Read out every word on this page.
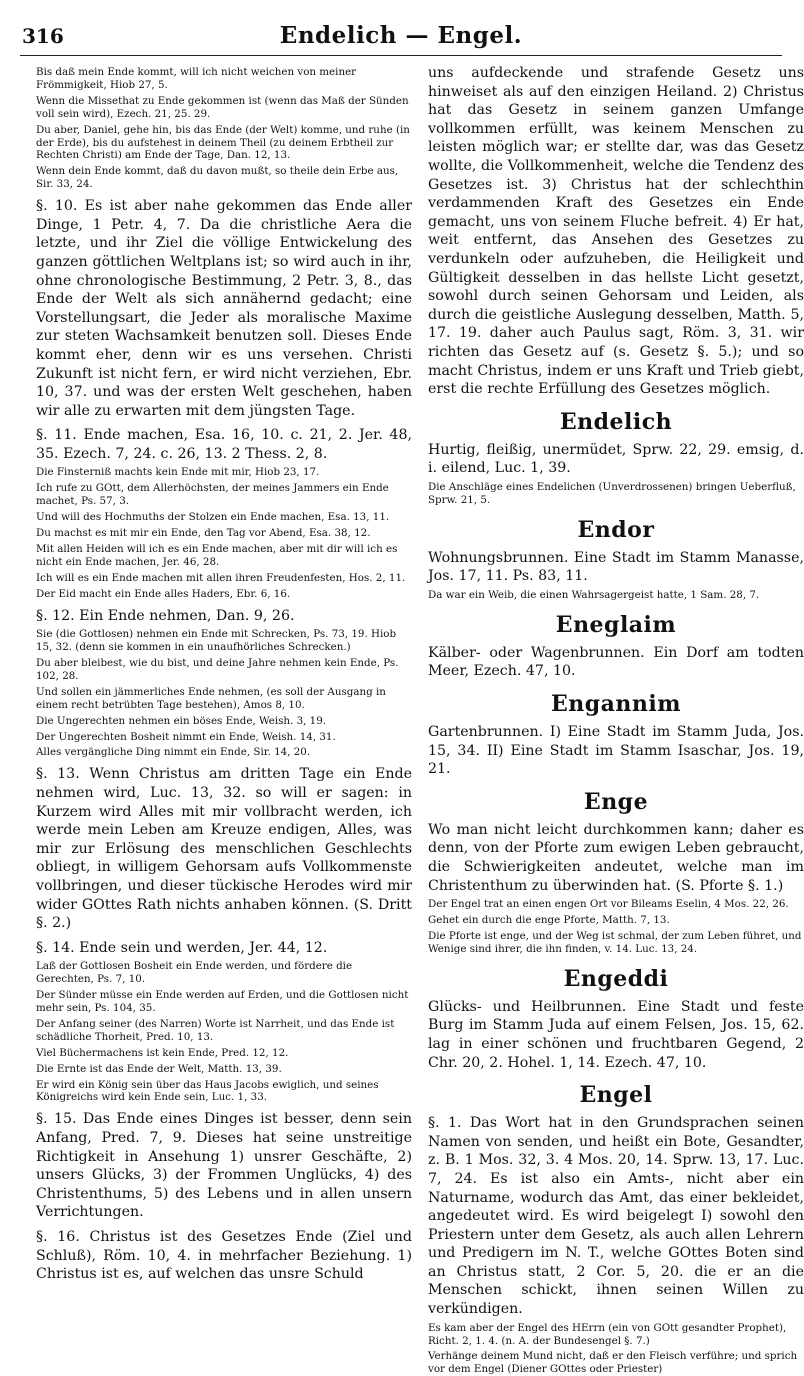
316	Endelich — Engel.

Bis daß mein Ende kommt, will ich nicht weichen von meiner Frömmigkeit, Hiob 27, 5.

Wenn die Missethat zu Ende gekommen ist (wenn das Maß der Sünden voll sein wird), Ezech. 21, 25. 29.

Du aber, Daniel, gehe hin, bis das Ende (der Welt) komme, und ruhe (in der Erde), bis du aufstehest in deinem Theil (zu deinem Erbtheil zur Rechten Christi) am Ende der Tage, Dan. 12, 13.

Wenn dein Ende kommt, daß du davon mußt, so theile dein Erbe aus, Sir. 33, 24.

§. 10. Es ist aber nahe gekommen das Ende aller Dinge, 1 Petr. 4, 7. Da die christliche Aera die letzte, und ihr Ziel die völlige Entwickelung des ganzen göttlichen Weltplans ist; so wird auch in ihr, ohne chronologische Bestimmung, 2 Petr. 3, 8., das Ende der Welt als sich annähernd gedacht; eine Vorstellungsart, die Jeder als moralische Maxime zur steten Wachsamkeit benutzen soll. Dieses Ende kommt eher, denn wir es uns versehen. Christi Zukunft ist nicht fern, er wird nicht verziehen, Ebr. 10, 37. und was der ersten Welt geschehen, haben wir alle zu erwarten mit dem jüngsten Tage.

§. 11. Ende machen, Esa. 16, 10. c. 21, 2. Jer. 48, 35. Ezech. 7, 24. c. 26, 13. 2 Thess. 2, 8.

Die Finsterniß machts kein Ende mit mir, Hiob 23, 17.

Ich rufe zu GOtt, dem Allerhöchsten, der meines Jammers ein Ende machet, Ps. 57, 3.

Und will des Hochmuths der Stolzen ein Ende machen, Esa. 13, 11.

Du machst es mit mir ein Ende, den Tag vor Abend, Esa. 38, 12.

Mit allen Heiden will ich es ein Ende machen, aber mit dir will ich es nicht ein Ende machen, Jer. 46, 28.

Ich will es ein Ende machen mit allen ihren Freudenfesten, Hos. 2, 11.

Der Eid macht ein Ende alles Haders, Ebr. 6, 16.

§. 12. Ein Ende nehmen, Dan. 9, 26.

Sie (die Gottlosen) nehmen ein Ende mit Schrecken, Ps. 73, 19. Hiob 15, 32. (denn sie kommen in ein unaufhörliches Schrecken.)

Du aber bleibest, wie du bist, und deine Jahre nehmen kein Ende, Ps. 102, 28.

Und sollen ein jämmerliches Ende nehmen, (es soll der Ausgang in einem recht betrübten Tage bestehen), Amos 8, 10.

Die Ungerechten nehmen ein böses Ende, Weish. 3, 19.

Der Ungerechten Bosheit nimmt ein Ende, Weish. 14, 31.

Alles vergängliche Ding nimmt ein Ende, Sir. 14, 20.

§. 13. Wenn Christus am dritten Tage ein Ende nehmen wird, Luc. 13, 32. so will er sagen: in Kurzem wird Alles mit mir vollbracht werden, ich werde mein Leben am Kreuze endigen, Alles, was mir zur Erlösung des menschlichen Geschlechts obliegt, in willigem Gehorsam aufs Vollkommenste vollbringen, und dieser tückische Herodes wird mir wider GOttes Rath nichts anhaben können. (S. Dritt §. 2.)

§. 14. Ende sein und werden, Jer. 44, 12.

Laß der Gottlosen Bosheit ein Ende werden, und fördere die Gerechten, Ps. 7, 10.

Der Sünder müsse ein Ende werden auf Erden, und die Gottlosen nicht mehr sein, Ps. 104, 35.

Der Anfang seiner (des Narren) Worte ist Narrheit, und das Ende ist schädliche Thorheit, Pred. 10, 13.

Viel Büchermachens ist kein Ende, Pred. 12, 12.

Die Ernte ist das Ende der Welt, Matth. 13, 39.

Er wird ein König sein über das Haus Jacobs ewiglich, und seines Königreichs wird kein Ende sein, Luc. 1, 33.

§. 15. Das Ende eines Dinges ist besser, denn sein Anfang, Pred. 7, 9. Dieses hat seine unstreitige Richtigkeit in Ansehung 1) unsrer Geschäfte, 2) unsers Glücks, 3) der Frommen Unglücks, 4) des Christenthums, 5) des Lebens und in allen unsern Verrichtungen.

§. 16. Christus ist des Gesetzes Ende (Ziel und Schluß), Röm. 10, 4. in mehrfacher Beziehung. 1) Christus ist es, auf welchen das unsre Schuld

uns aufdeckende und strafende Gesetz uns hinweiset als auf den einzigen Heiland. 2) Christus hat das Gesetz in seinem ganzen Umfange vollkommen erfüllt, was keinem Menschen zu leisten möglich war; er stellte dar, was das Gesetz wollte, die Vollkommenheit, welche die Tendenz des Gesetzes ist. 3) Christus hat der schlechthin verdammenden Kraft des Gesetzes ein Ende gemacht, uns von seinem Fluche befreit. 4) Er hat, weit entfernt, das Ansehen des Gesetzes zu verdunkeln oder aufzuheben, die Heiligkeit und Gültigkeit desselben in das hellste Licht gesetzt, sowohl durch seinen Gehorsam und Leiden, als durch die geistliche Auslegung desselben, Matth. 5, 17. 19. daher auch Paulus sagt, Röm. 3, 31. wir richten das Gesetz auf (s. Gesetz §. 5.); und so macht Christus, indem er uns Kraft und Trieb giebt, erst die rechte Erfüllung des Gesetzes möglich.

Endelich

Hurtig, fleißig, unermüdet, Sprw. 22, 29. emsig, d. i. eilend, Luc. 1, 39.

Die Anschläge eines Endelichen (Unverdrossenen) bringen Ueberfluß, Sprw. 21, 5.

Endor

Wohnungsbrunnen. Eine Stadt im Stamm Manasse, Jos. 17, 11. Ps. 83, 11.

Da war ein Weib, die einen Wahrsagergeist hatte, 1 Sam. 28, 7.

Eneglaim

Kälber- oder Wagenbrunnen. Ein Dorf am todten Meer, Ezech. 47, 10.

Engannim

Gartenbrunnen. I) Eine Stadt im Stamm Juda, Jos. 15, 34. II) Eine Stadt im Stamm Isaschar, Jos. 19, 21.

Enge

Wo man nicht leicht durchkommen kann; daher es denn, von der Pforte zum ewigen Leben gebraucht, die Schwierigkeiten andeutet, welche man im Christenthum zu überwinden hat. (S. Pforte §. 1.)

Der Engel trat an einen engen Ort vor Bileams Eselin, 4 Mos. 22, 26.

Gehet ein durch die enge Pforte, Matth. 7, 13.

Die Pforte ist enge, und der Weg ist schmal, der zum Leben führet, und Wenige sind ihrer, die ihn finden, v. 14. Luc. 13, 24.

Engeddi

Glücks- und Heilbrunnen. Eine Stadt und feste Burg im Stamm Juda auf einem Felsen, Jos. 15, 62. lag in einer schönen und fruchtbaren Gegend, 2 Chr. 20, 2. Hohel. 1, 14. Ezech. 47, 10.

Engel

§. 1. Das Wort hat in den Grundsprachen seinen Namen von senden, und heißt ein Bote, Gesandter, z. B. 1 Mos. 32, 3. 4 Mos. 20, 14. Sprw. 13, 17. Luc. 7, 24. Es ist also ein Amts-, nicht aber ein Naturname, wodurch das Amt, das einer bekleidet, angedeutet wird. Es wird beigelegt I) sowohl den Priestern unter dem Gesetz, als auch allen Lehrern und Predigern im N. T., welche GOttes Boten sind an Christus statt, 2 Cor. 5, 20. die er an die Menschen schickt, ihnen seinen Willen zu verkündigen.

Es kam aber der Engel des HErrn (ein von GOtt gesandter Prophet), Richt. 2, 1. 4. (n. A. der Bundesengel §. 7.)

Verhänge deinem Mund nicht, daß er den Fleisch verführe; und sprich vor dem Engel (Diener GOttes oder Priester)
